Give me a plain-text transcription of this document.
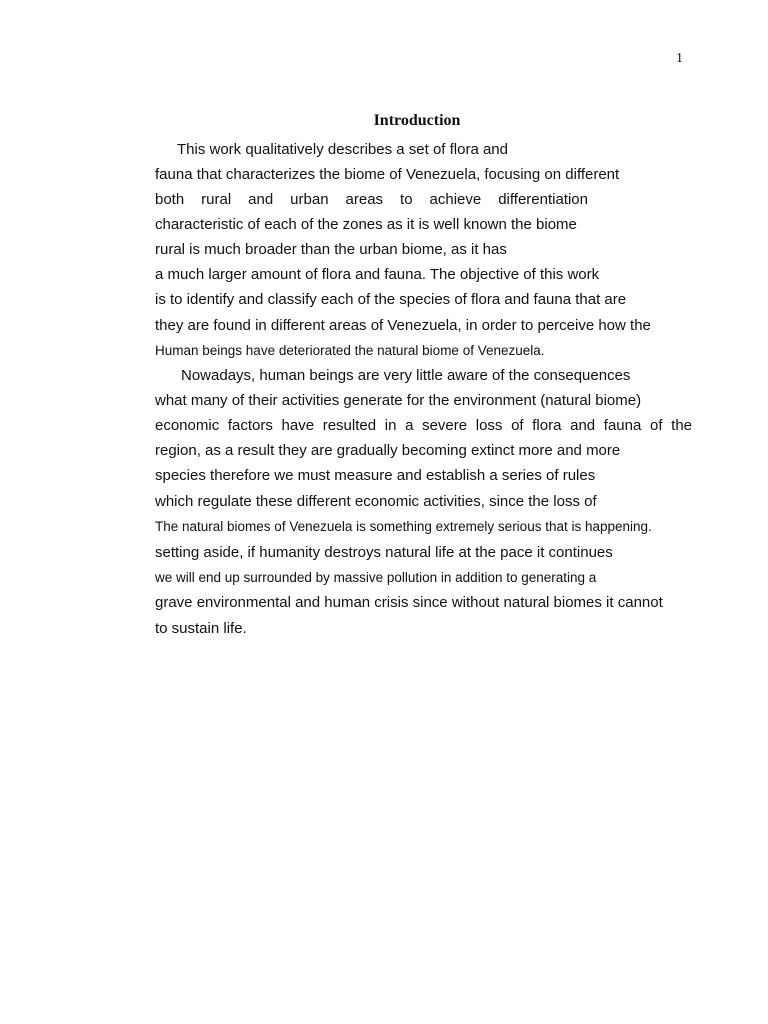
1
Introduction
This work qualitatively describes a set of flora and
fauna that characterizes the biome of Venezuela, focusing on different
both rural and urban areas to achieve differentiation
characteristic of each of the zones as it is well known the biome
rural is much broader than the urban biome, as it has
a much larger amount of flora and fauna. The objective of this work
is to identify and classify each of the species of flora and fauna that are
they are found in different areas of Venezuela, in order to perceive how the
Human beings have deteriorated the natural biome of Venezuela.
Nowadays, human beings are very little aware of the consequences
what many of their activities generate for the environment (natural biome)
economic factors have resulted in a severe loss of flora and fauna of the
region, as a result they are gradually becoming extinct more and more
species therefore we must measure and establish a series of rules
which regulate these different economic activities, since the loss of
The natural biomes of Venezuela is something extremely serious that is happening.
setting aside, if humanity destroys natural life at the pace it continues
we will end up surrounded by massive pollution in addition to generating a
grave environmental and human crisis since without natural biomes it cannot
to sustain life.
